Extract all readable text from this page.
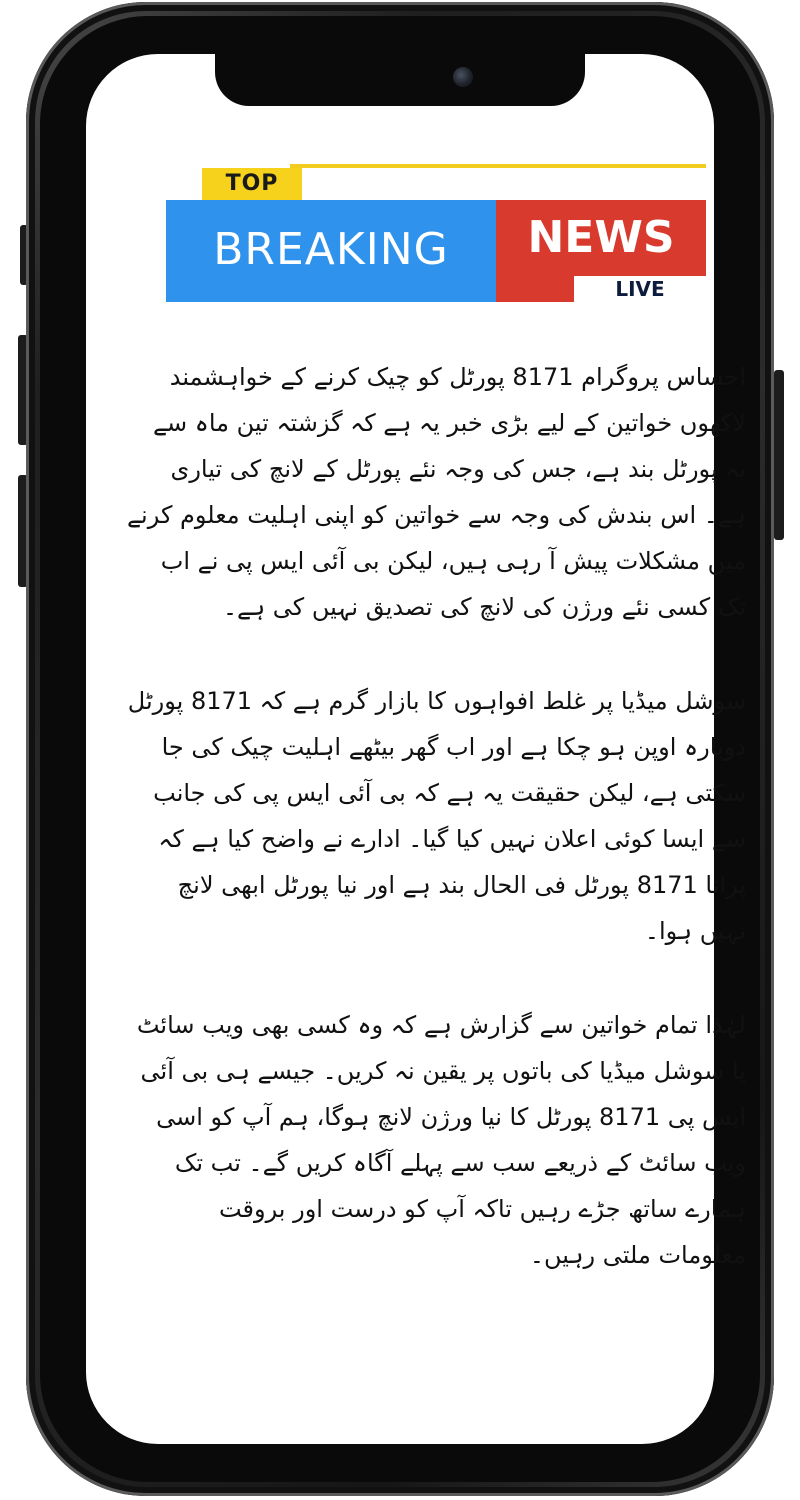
TOP
BREAKING	NEWS
LIVE

احساس پروگرام 8171 پورٹل کو چیک کرنے کے خواہشمند لاکھوں خواتین کے لیے بڑی خبر یہ ہے کہ گزشتہ تین ماہ سے یہ پورٹل بند ہے، جس کی وجہ نئے پورٹل کے لانچ کی تیاری ہے۔ اس بندش کی وجہ سے خواتین کو اپنی اہلیت معلوم کرنے میں مشکلات پیش آ رہی ہیں، لیکن بی آئی ایس پی نے اب تک کسی نئے ورژن کی لانچ کی تصدیق نہیں کی ہے۔

سوشل میڈیا پر غلط افواہوں کا بازار گرم ہے کہ 8171 پورٹل دوبارہ اوپن ہو چکا ہے اور اب گھر بیٹھے اہلیت چیک کی جا سکتی ہے، لیکن حقیقت یہ ہے کہ بی آئی ایس پی کی جانب سے ایسا کوئی اعلان نہیں کیا گیا۔ ادارے نے واضح کیا ہے کہ پرانا 8171 پورٹل فی الحال بند ہے اور نیا پورٹل ابھی لانچ نہیں ہوا۔

لہٰذا تمام خواتین سے گزارش ہے کہ وہ کسی بھی ویب سائٹ یا سوشل میڈیا کی باتوں پر یقین نہ کریں۔ جیسے ہی بی آئی ایس پی 8171 پورٹل کا نیا ورژن لانچ ہوگا، ہم آپ کو اسی ویب سائٹ کے ذریعے سب سے پہلے آگاہ کریں گے۔ تب تک ہمارے ساتھ جڑے رہیں تاکہ آپ کو درست اور بروقت معلومات ملتی رہیں۔
